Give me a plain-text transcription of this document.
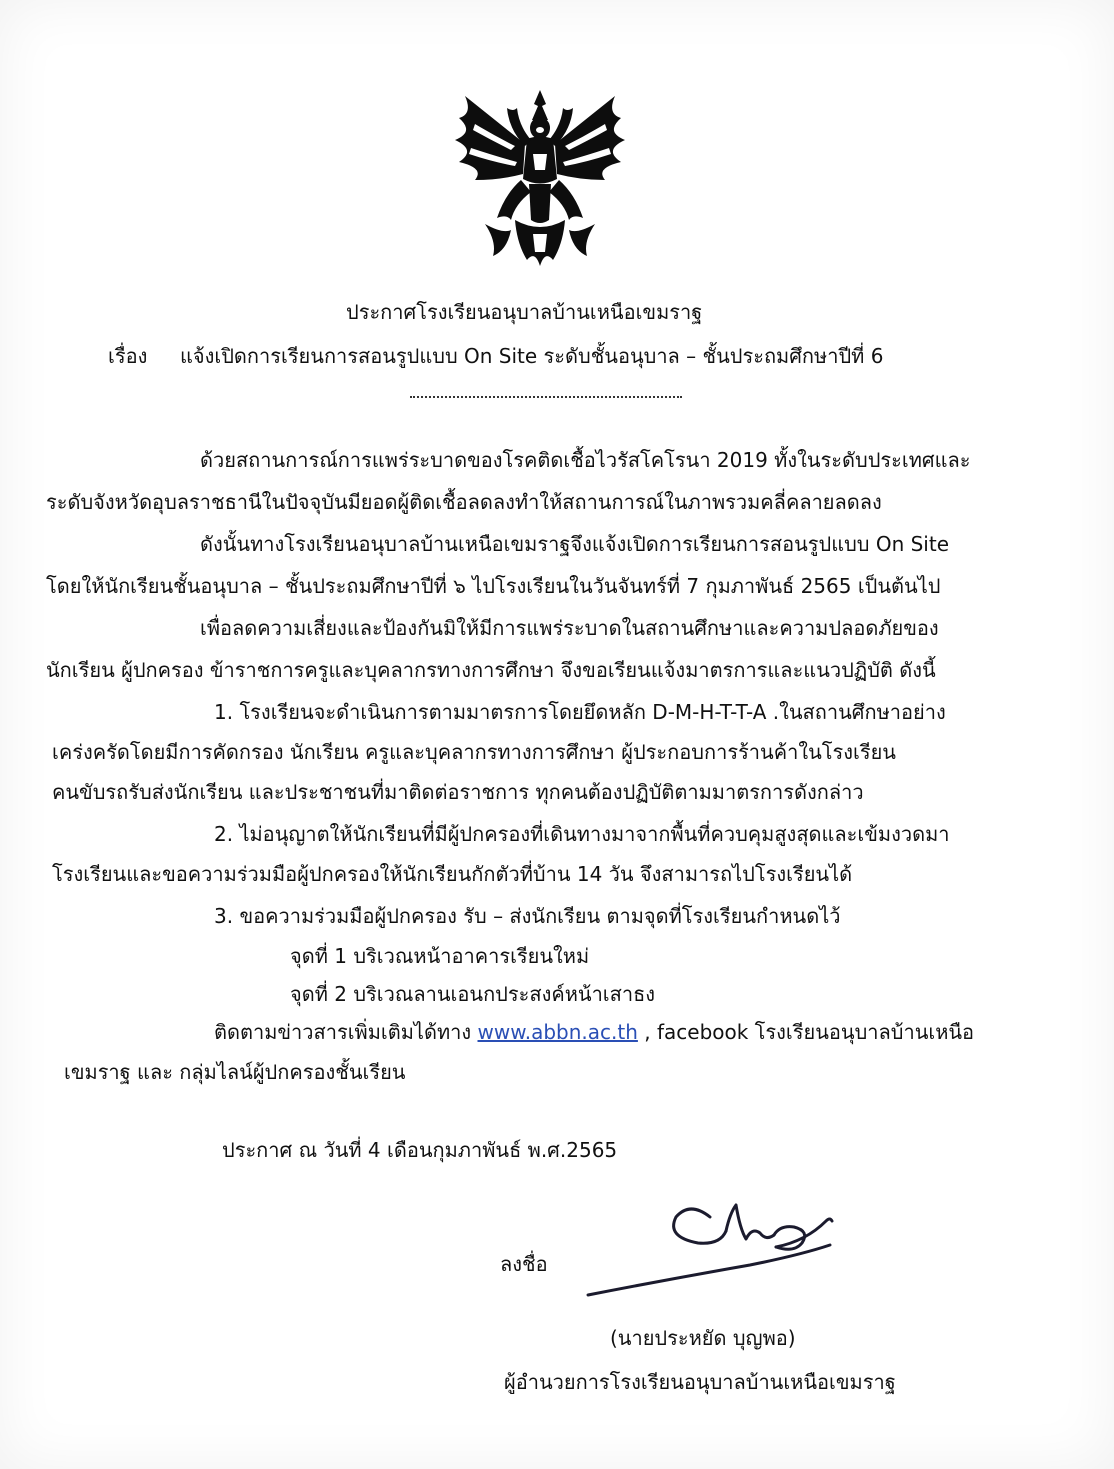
ประกาศโรงเรียนอนุบาลบ้านเหนือเขมราฐ
เรื่อง แจ้งเปิดการเรียนการสอนรูปแบบ On Site ระดับชั้นอนุบาล – ชั้นประถมศึกษาปีที่ 6
ด้วยสถานการณ์การแพร่ระบาดของโรคติดเชื้อไวรัสโคโรนา 2019 ทั้งในระดับประเทศและ
ระดับจังหวัดอุบลราชธานีในปัจจุบันมียอดผู้ติดเชื้อลดลงทำให้สถานการณ์ในภาพรวมคลี่คลายลดลง
ดังนั้นทางโรงเรียนอนุบาลบ้านเหนือเขมราฐจึงแจ้งเปิดการเรียนการสอนรูปแบบ On Site
โดยให้นักเรียนชั้นอนุบาล – ชั้นประถมศึกษาปีที่ ๖ ไปโรงเรียนในวันจันทร์ที่ 7 กุมภาพันธ์ 2565 เป็นต้นไป
เพื่อลดความเสี่ยงและป้องกันมิให้มีการแพร่ระบาดในสถานศึกษาและความปลอดภัยของ
นักเรียน ผู้ปกครอง ข้าราชการครูและบุคลากรทางการศึกษา จึงขอเรียนแจ้งมาตรการและแนวปฏิบัติ ดังนี้
1. โรงเรียนจะดำเนินการตามมาตรการโดยยึดหลัก D-M-H-T-T-A .ในสถานศึกษาอย่าง
เคร่งครัดโดยมีการคัดกรอง นักเรียน ครูและบุคลากรทางการศึกษา ผู้ประกอบการร้านค้าในโรงเรียน
คนขับรถรับส่งนักเรียน และประชาชนที่มาติดต่อราชการ ทุกคนต้องปฏิบัติตามมาตรการดังกล่าว
2. ไม่อนุญาตให้นักเรียนที่มีผู้ปกครองที่เดินทางมาจากพื้นที่ควบคุมสูงสุดและเข้มงวดมา
โรงเรียนและขอความร่วมมือผู้ปกครองให้นักเรียนกักตัวที่บ้าน 14 วัน จึงสามารถไปโรงเรียนได้
3. ขอความร่วมมือผู้ปกครอง รับ – ส่งนักเรียน ตามจุดที่โรงเรียนกำหนดไว้
จุดที่ 1 บริเวณหน้าอาคารเรียนใหม่
จุดที่ 2 บริเวณลานเอนกประสงค์หน้าเสาธง
ติดตามข่าวสารเพิ่มเติมได้ทาง www.abbn.ac.th , facebook โรงเรียนอนุบาลบ้านเหนือ
เขมราฐ และ กลุ่มไลน์ผู้ปกครองชั้นเรียน
ประกาศ ณ วันที่ 4 เดือนกุมภาพันธ์ พ.ศ.2565
ลงชื่อ
(นายประหยัด บุญพอ)
ผู้อำนวยการโรงเรียนอนุบาลบ้านเหนือเขมราฐ
